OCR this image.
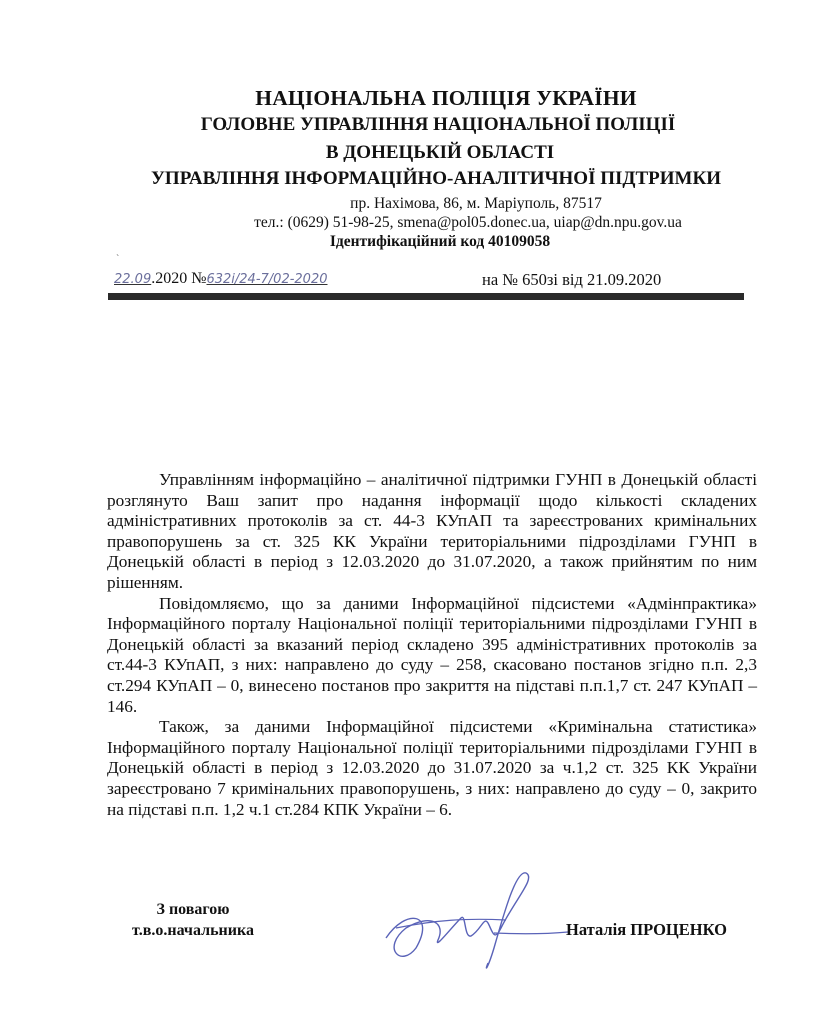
НАЦІОНАЛЬНА ПОЛІЦІЯ УКРАЇНИ
ГОЛОВНЕ УПРАВЛІННЯ НАЦІОНАЛЬНОЇ ПОЛІЦІЇ
В ДОНЕЦЬКІЙ ОБЛАСТІ
УПРАВЛІННЯ ІНФОРМАЦІЙНО-АНАЛІТИЧНОЇ ПІДТРИМКИ
пр. Нахімова, 86, м. Маріуполь, 87517
тел.: (0629) 51-98-25, smena@pol05.donec.ua, uiap@dn.npu.gov.ua
Ідентифікаційний код 40109058
`
22.09.2020 №632і/24-7/02-2020	на № 650зі від 21.09.2020

Управлінням інформаційно – аналітичної підтримки ГУНП в Донецькій області розглянуто Ваш запит про надання інформації щодо кількості складених адміністративних протоколів за ст. 44-3 КУпАП та зареєстрованих кримінальних правопорушень за ст. 325 КК України територіальними підрозділами ГУНП в Донецькій області в період з 12.03.2020 до 31.07.2020, а також прийнятим по ним рішенням.

Повідомляємо, що за даними Інформаційної підсистеми «Адмінпрактика» Інформаційного порталу Національної поліції територіальними підрозділами ГУНП в Донецькій області за вказаний період складено 395 адміністративних протоколів за ст.44-3 КУпАП, з них: направлено до суду – 258, скасовано постанов згідно п.п. 2,3 ст.294 КУпАП – 0, винесено постанов про закриття на підставі п.п.1,7 ст. 247 КУпАП – 146.

Також, за даними Інформаційної підсистеми «Кримінальна статистика» Інформаційного порталу Національної поліції територіальними підрозділами ГУНП в Донецькій області в період з 12.03.2020 до 31.07.2020 за ч.1,2 ст. 325 КК України зареєстровано 7 кримінальних правопорушень, з них: направлено до суду – 0, закрито на підставі п.п. 1,2 ч.1 ст.284 КПК України – 6.

З повагою
т.в.о.начальника	Наталія ПРОЦЕНКО
